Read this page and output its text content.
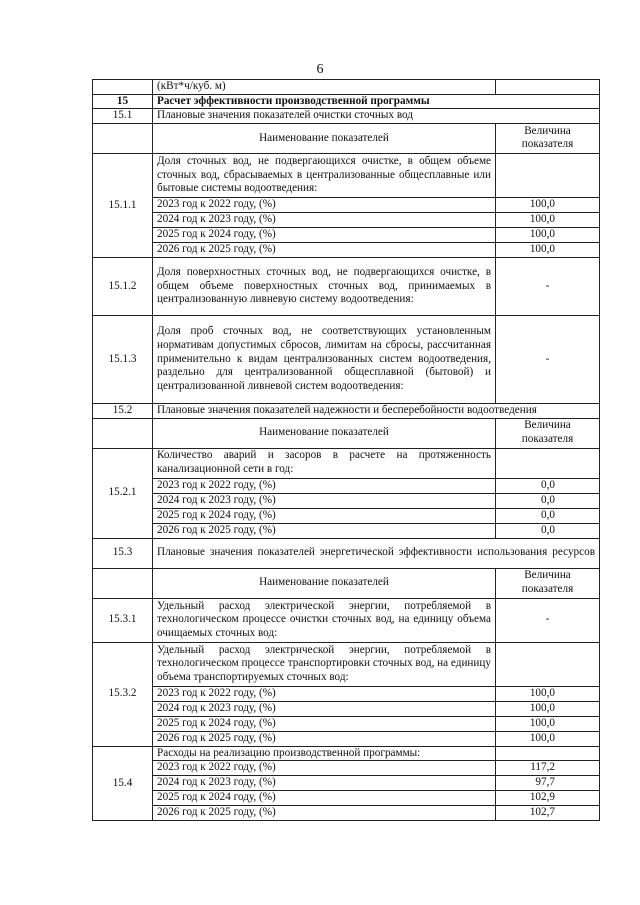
6
	(кВт*ч/куб. м)	
15	Расчет эффективности производственной программы	
15.1	Плановые значения показателей очистки сточных вод	
	Наименование показателей	Величина показателя
15.1.1	Доля сточных вод, не подвергающихся очистке, в общем объеме сточных вод, сбрасываемых в централизованные общесплавные или бытовые системы водоотведения:	
	2023 год к 2022 году, (%)	100,0
	2024 год к 2023 году, (%)	100,0
	2025 год к 2024 году, (%)	100,0
	2026 год к 2025 году, (%)	100,0
15.1.2	Доля поверхностных сточных вод, не подвергающихся очистке, в общем объеме поверхностных сточных вод, принимаемых в централизованную ливневую систему водоотведения:	-
15.1.3	Доля проб сточных вод, не соответствующих установленным нормативам допустимых сбросов, лимитам на сбросы, рассчитанная применительно к видам централизованных систем водоотведения, раздельно для централизованной общесплавной (бытовой) и централизованной ливневой систем водоотведения:	-
15.2	Плановые значения показателей надежности и бесперебойности водоотведения	
	Наименование показателей	Величина показателя
15.2.1	Количество аварий и засоров в расчете на протяженность канализационной сети в год:	
	2023 год к 2022 году, (%)	0,0
	2024 год к 2023 году, (%)	0,0
	2025 год к 2024 году, (%)	0,0
	2026 год к 2025 году, (%)	0,0
15.3	Плановые значения показателей энергетической эффективности использования ресурсов	
	Наименование показателей	Величина показателя
15.3.1	Удельный расход электрической энергии, потребляемой в технологическом процессе очистки сточных вод, на единицу объема очищаемых сточных вод:	-
15.3.2	Удельный расход электрической энергии, потребляемой в технологическом процессе транспортировки сточных вод, на единицу объема транспортируемых сточных вод:	
	2023 год к 2022 году, (%)	100,0
	2024 год к 2023 году, (%)	100,0
	2025 год к 2024 году, (%)	100,0
	2026 год к 2025 году, (%)	100,0
15.4	Расходы на реализацию производственной программы:	
	2023 год к 2022 году, (%)	117,2
	2024 год к 2023 году, (%)	97,7
	2025 год к 2024 году, (%)	102,9
	2026 год к 2025 году, (%)	102,7
